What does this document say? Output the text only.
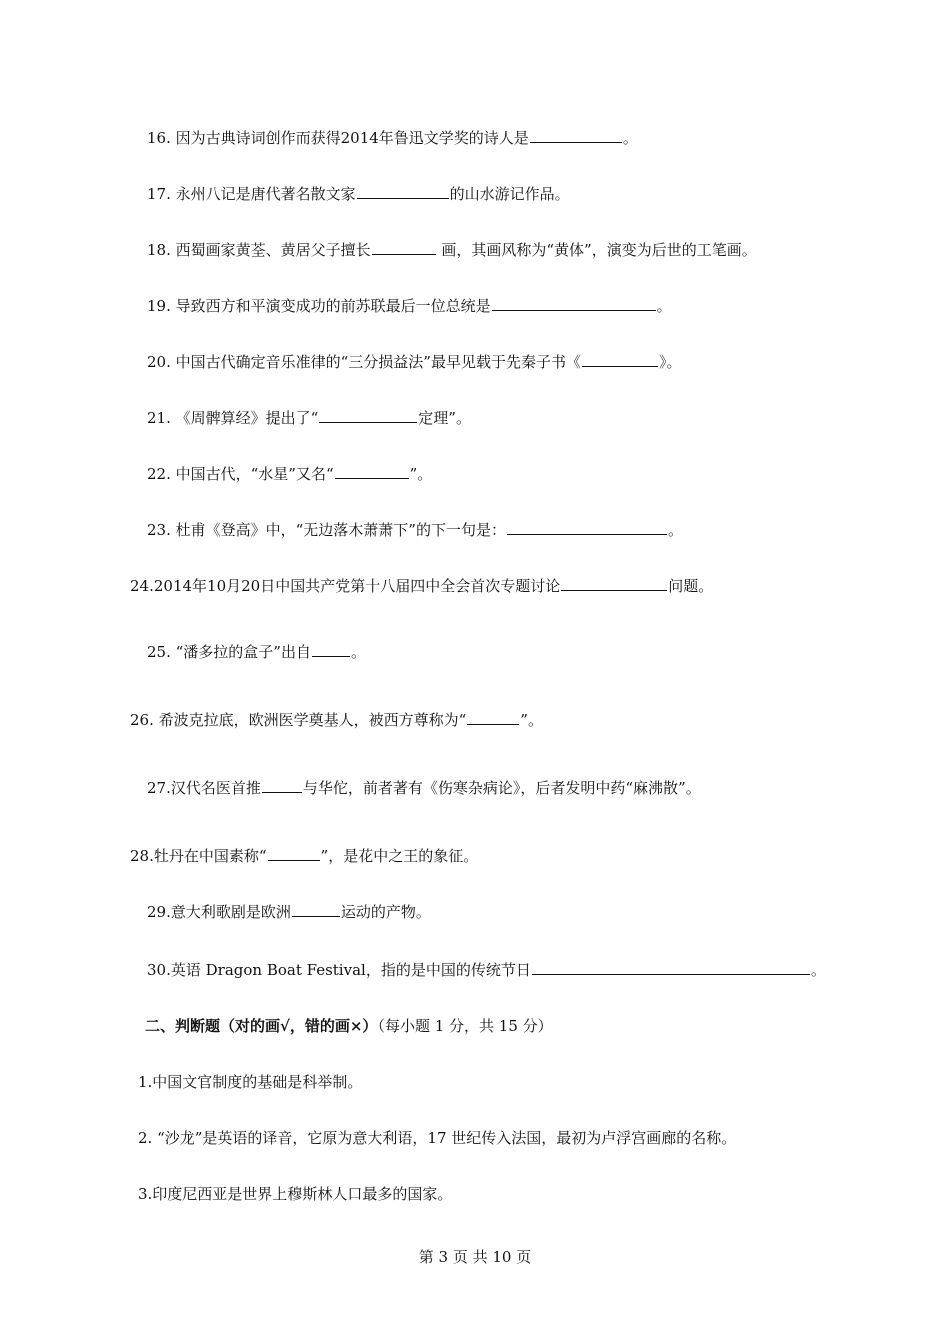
16. 因为古典诗词创作而获得2014年鲁迅文学奖的诗人是	。
17. 永州八记是唐代著名散文家	的山水游记作品。
18. 西蜀画家黄荃、黄居父子擅长	画，其画风称为“黄体”，演变为后世的工笔画。
19. 导致西方和平演变成功的前苏联最后一位总统是	。
20. 中国古代确定音乐准律的“三分损益法”最早见载于先秦子书《	》。
21. 《周髀算经》提出了“	定理”。
22. 中国古代，“水星”又名“	”。
23. 杜甫《登高》中，“无边落木萧萧下”的下一句是：	。
24.2014年10月20日中国共产党第十八届四中全会首次专题讨论	问题。
25. “潘多拉的盒子”出自	。
26. 希波克拉底，欧洲医学奠基人，被西方尊称为“	”。
27.汉代名医首推	与华佗，前者著有《伤寒杂病论》，后者发明中药“麻沸散”。
28.牡丹在中国素称“	”，是花中之王的象征。
29.意大利歌剧是欧洲	运动的产物。
30.英语 Dragon Boat Festival，指的是中国的传统节日	。
二、判断题（对的画√，错的画×）（每小题 1 分，共 15 分）
1.中国文官制度的基础是科举制。
2. “沙龙”是英语的译音，它原为意大利语，17 世纪传入法国，最初为卢浮宫画廊的名称。
3.印度尼西亚是世界上穆斯林人口最多的国家。
第 3 页 共 10 页
